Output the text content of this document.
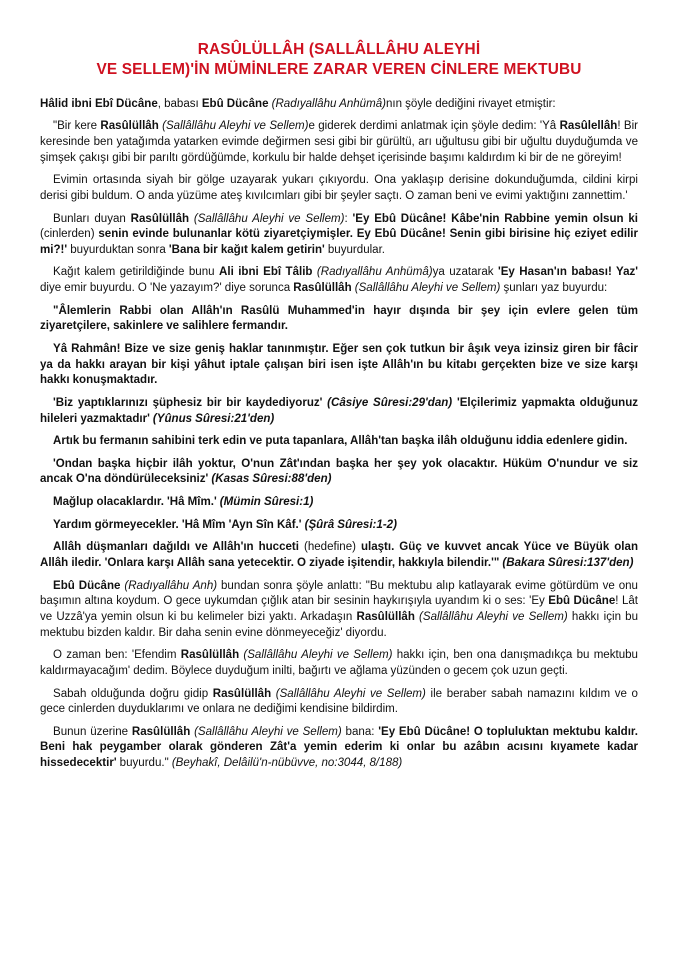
RASÛLÜLLÂH (SALLÂLLÂHU ALEYHİ
VE SELLEM)'İN MÜMİNLERE ZARAR VEREN CİNLERE MEKTUBU

Hâlid ibni Ebî Dücâne, babası Ebû Dücâne (Radıyallâhu Anhümâ)nın şöyle dediğini rivayet etmiştir:

"Bir kere Rasûlüllâh (Sallâllâhu Aleyhi ve Sellem)e giderek derdimi anlatmak için şöyle dedim: 'Yâ Rasûlellâh! Bir keresinde ben yatağımda yatarken evimde değirmen sesi gibi bir gürültü, arı uğultusu gibi bir uğultu duyduğumda ve şimşek çakışı gibi bir parıltı gördüğümde, korkulu bir halde dehşet içerisinde başımı kaldırdım ki bir de ne göreyim!

Evimin ortasında siyah bir gölge uzayarak yukarı çıkıyordu. Ona yaklaşıp derisine dokunduğumda, cildini kirpi derisi gibi buldum. O anda yüzüme ateş kıvılcımları gibi bir şeyler saçtı. O zaman beni ve evimi yaktığını zannettim.'

Bunları duyan Rasûlüllâh (Sallâllâhu Aleyhi ve Sellem): 'Ey Ebû Dücâne! Kâbe'nin Rabbine yemin olsun ki (cinlerden) senin evinde bulunanlar kötü ziyaretçiymişler. Ey Ebû Dücâne! Senin gibi birisine hiç eziyet edilir mi?!' buyurduktan sonra 'Bana bir kağıt kalem getirin' buyurdular.

Kağıt kalem getirildiğinde bunu Ali ibni Ebî Tâlib (Radıyallâhu Anhümâ)ya uzatarak 'Ey Hasan'ın babası! Yaz' diye emir buyurdu. O 'Ne yazayım?' diye sorunca Rasûlüllâh (Sallâllâhu Aleyhi ve Sellem) şunları yaz buyurdu:

"Âlemlerin Rabbi olan Allâh'ın Rasûlü Muhammed'in hayır dışında bir şey için evlere gelen tüm ziyaretçilere, sakinlere ve salihlere fermandır.

Yâ Rahmân! Bize ve size geniş haklar tanınmıştır. Eğer sen çok tutkun bir âşık veya izinsiz giren bir fâcir ya da hakkı arayan bir kişi yâhut iptale çalışan biri isen işte Allâh'ın bu kitabı gerçekten bize ve size karşı hakkı konuşmaktadır.

'Biz yaptıklarınızı şüphesiz bir bir kaydediyoruz' (Câsiye Sûresi:29'dan) 'Elçilerimiz yapmakta olduğunuz hileleri yazmaktadır' (Yûnus Sûresi:21'den)

Artık bu fermanın sahibini terk edin ve puta tapanlara, Allâh'tan başka ilâh olduğunu iddia edenlere gidin.

'Ondan başka hiçbir ilâh yoktur, O'nun Zât'ından başka her şey yok olacaktır. Hüküm O'nundur ve siz ancak O'na döndürüleceksiniz' (Kasas Sûresi:88'den)

Mağlup olacaklardır. 'Hâ Mîm.' (Mümin Sûresi:1)

Yardım görmeyecekler. 'Hâ Mîm 'Ayn Sîn Kâf.' (Şûrâ Sûresi:1-2)

Allâh düşmanları dağıldı ve Allâh'ın hucceti (hedefine) ulaştı. Güç ve kuvvet ancak Yüce ve Büyük olan Allâh iledir. 'Onlara karşı Allâh sana yetecektir. O ziyade işitendir, hakkıyla bilendir.'" (Bakara Sûresi:137'den)

Ebû Dücâne (Radıyallâhu Anh) bundan sonra şöyle anlattı: "Bu mektubu alıp katlayarak evime götürdüm ve onu başımın altına koydum. O gece uykumdan çığlık atan bir sesinin haykırışıyla uyandım ki o ses: 'Ey Ebû Dücâne! Lât ve Uzzâ'ya yemin olsun ki bu kelimeler bizi yaktı. Arkadaşın Rasûlüllâh (Sallâllâhu Aleyhi ve Sellem) hakkı için bu mektubu bizden kaldır. Bir daha senin evine dönmeyeceğiz' diyordu.

O zaman ben: 'Efendim Rasûlüllâh (Sallâllâhu Aleyhi ve Sellem) hakkı için, ben ona danışmadıkça bu mektubu kaldırmayacağım' dedim. Böylece duyduğum inilti, bağırtı ve ağlama yüzünden o gecem çok uzun geçti.

Sabah olduğunda doğru gidip Rasûlüllâh (Sallâllâhu Aleyhi ve Sellem) ile beraber sabah namazını kıldım ve o gece cinlerden duyduklarımı ve onlara ne dediğimi kendisine bildirdim.

Bunun üzerine Rasûlüllâh (Sallâllâhu Aleyhi ve Sellem) bana: 'Ey Ebû Dücâne! O topluluktan mektubu kaldır. Beni hak peygamber olarak gönderen Zât'a yemin ederim ki onlar bu azâbın acısını kıyamete kadar hissedecektir' buyurdu." (Beyhakî, Delâilü'n-nübüvve, no:3044, 8/188)
